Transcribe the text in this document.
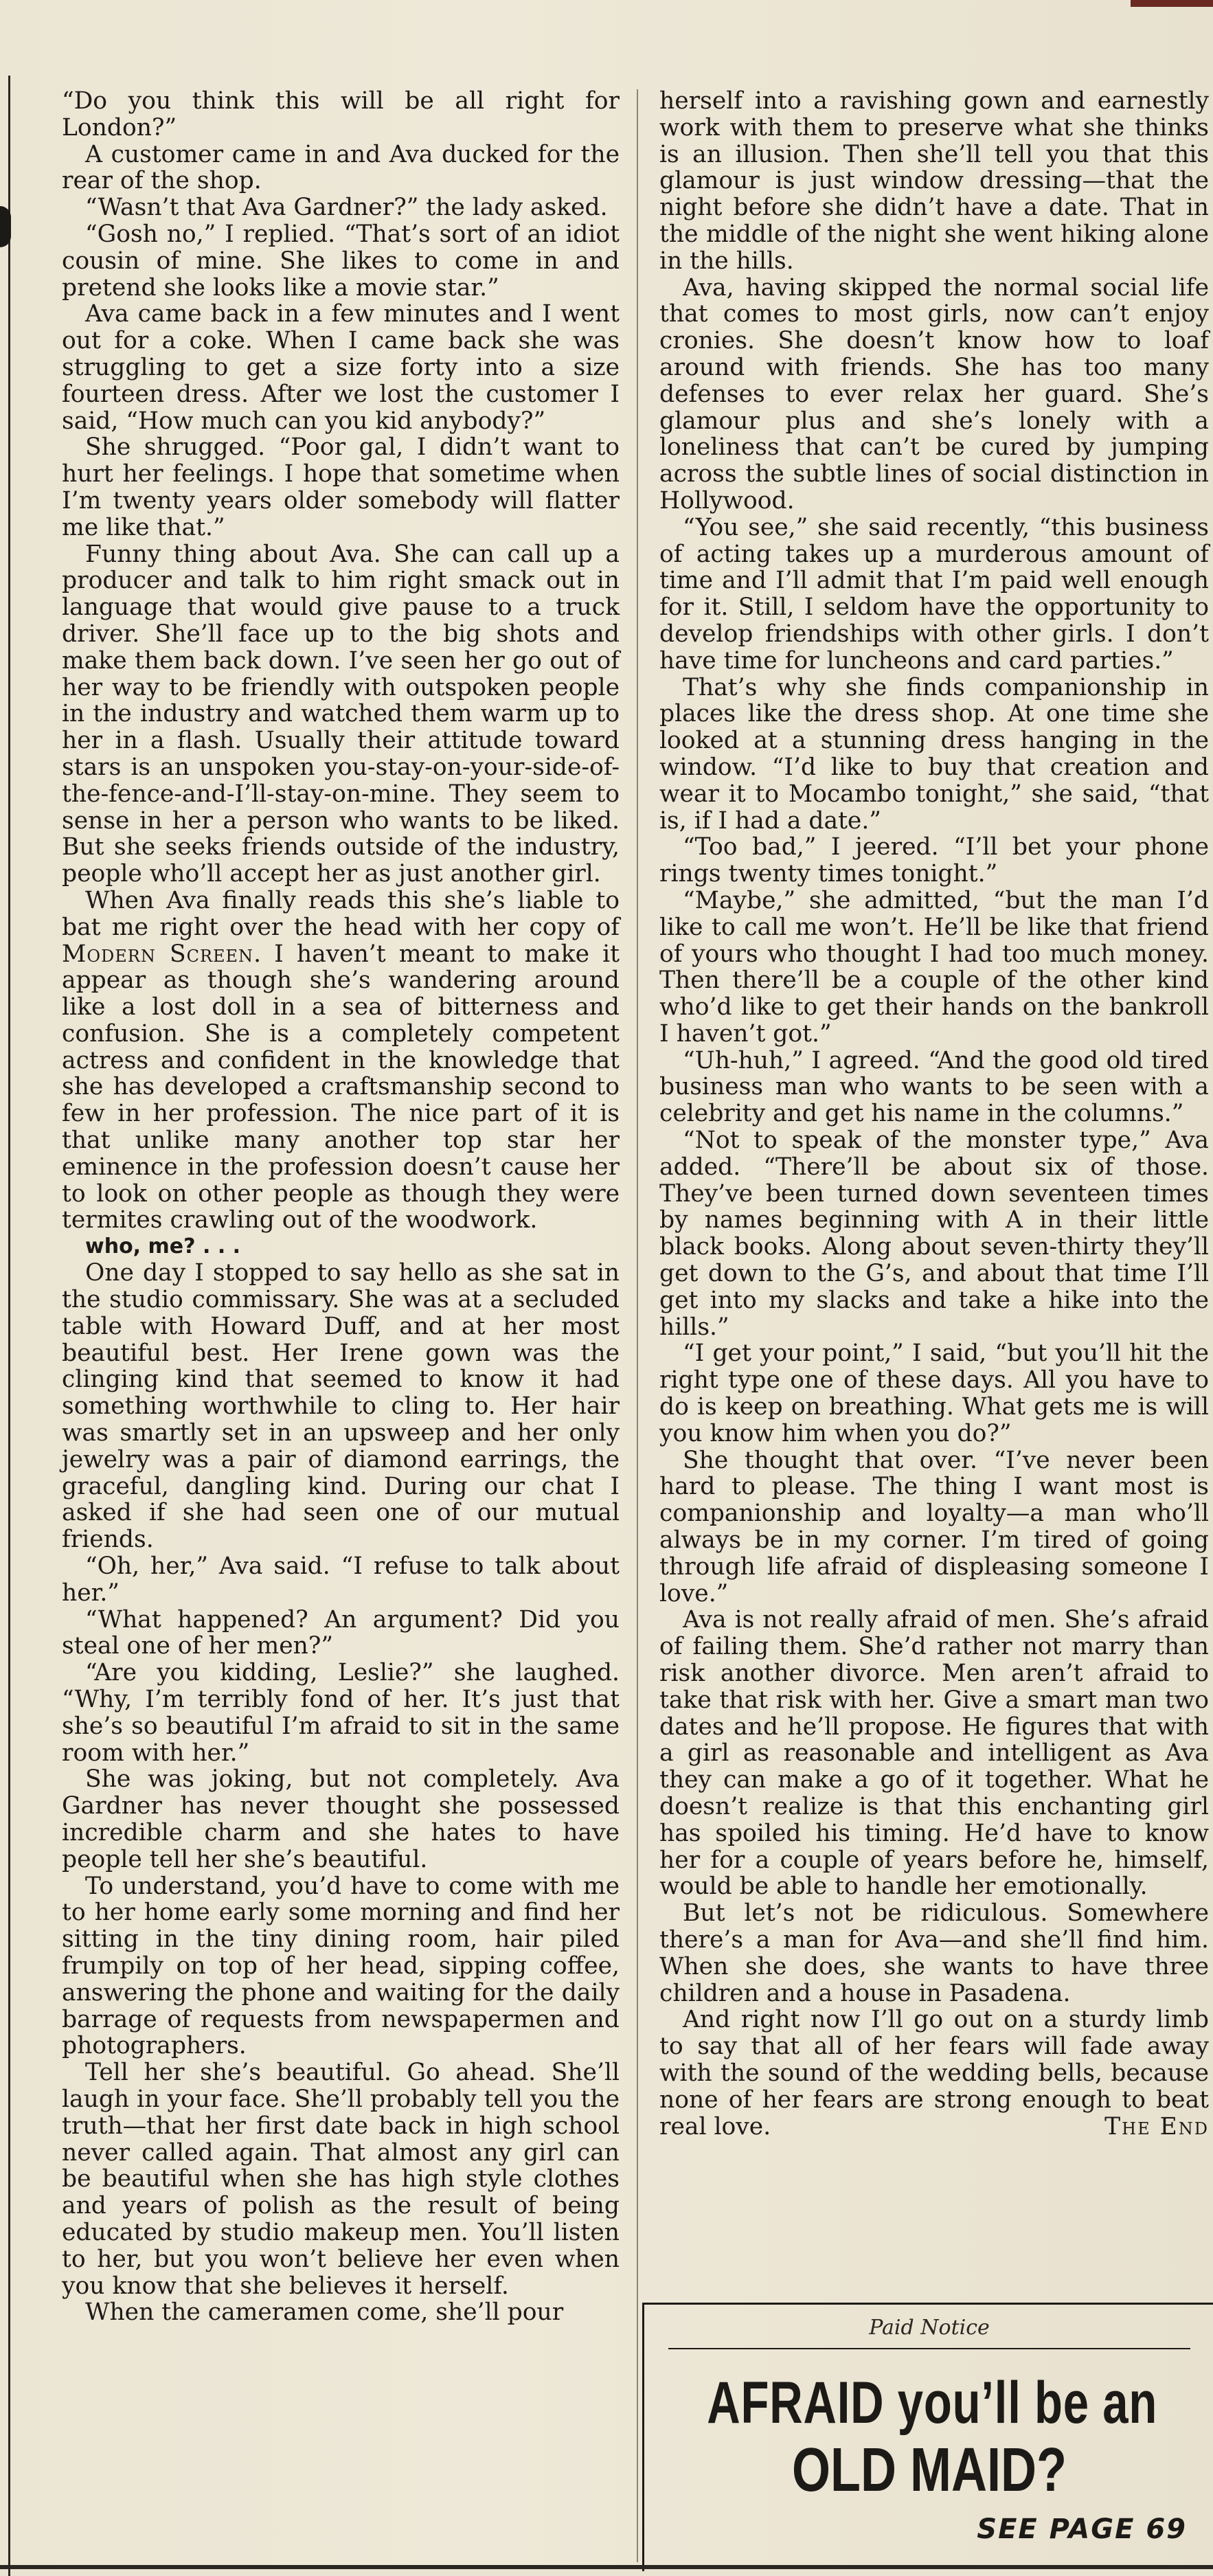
“Do you think this will be all right for London?”

A customer came in and Ava ducked for the rear of the shop.

“Wasn’t that Ava Gardner?” the lady asked.

“Gosh no,” I replied. “That’s sort of an idiot cousin of mine. She likes to come in and pretend she looks like a movie star.”

Ava came back in a few minutes and I went out for a coke. When I came back she was struggling to get a size forty into a size fourteen dress. After we lost the customer I said, “How much can you kid anybody?”

She shrugged. “Poor gal, I didn’t want to hurt her feelings. I hope that sometime when I’m twenty years older somebody will flatter me like that.”

Funny thing about Ava. She can call up a producer and talk to him right smack out in language that would give pause to a truck driver. She’ll face up to the big shots and make them back down. I’ve seen her go out of her way to be friendly with outspoken people in the industry and watched them warm up to her in a flash. Usually their attitude toward stars is an unspoken you-stay-on-your-side-of-the-fence-and-I’ll-stay-on-mine. They seem to sense in her a person who wants to be liked. But she seeks friends outside of the industry, people who’ll accept her as just another girl.

When Ava finally reads this she’s liable to bat me right over the head with her copy of Modern Screen. I haven’t meant to make it appear as though she’s wandering around like a lost doll in a sea of bitterness and confusion. She is a completely competent actress and confident in the knowledge that she has developed a craftsmanship second to few in her profession. The nice part of it is that unlike many another top star her eminence in the profession doesn’t cause her to look on other people as though they were termites crawling out of the woodwork.

who, me? . . .

One day I stopped to say hello as she sat in the studio commissary. She was at a secluded table with Howard Duff, and at her most beautiful best. Her Irene gown was the clinging kind that seemed to know it had something worthwhile to cling to. Her hair was smartly set in an upsweep and her only jewelry was a pair of diamond earrings, the graceful, dangling kind. During our chat I asked if she had seen one of our mutual friends.

“Oh, her,” Ava said. “I refuse to talk about her.”

“What happened? An argument? Did you steal one of her men?”

“Are you kidding, Leslie?” she laughed. “Why, I’m terribly fond of her. It’s just that she’s so beautiful I’m afraid to sit in the same room with her.”

She was joking, but not completely. Ava Gardner has never thought she possessed incredible charm and she hates to have people tell her she’s beautiful.

To understand, you’d have to come with me to her home early some morning and find her sitting in the tiny dining room, hair piled frumpily on top of her head, sipping coffee, answering the phone and waiting for the daily barrage of requests from newspapermen and photographers.

Tell her she’s beautiful. Go ahead. She’ll laugh in your face. She’ll probably tell you the truth—that her first date back in high school never called again. That almost any girl can be beautiful when she has high style clothes and years of polish as the result of being educated by studio makeup men. You’ll listen to her, but you won’t believe her even when you know that she believes it herself.

When the cameramen come, she’ll pour

herself into a ravishing gown and earnestly work with them to preserve what she thinks is an illusion. Then she’ll tell you that this glamour is just window dressing—that the night before she didn’t have a date. That in the middle of the night she went hiking alone in the hills.

Ava, having skipped the normal social life that comes to most girls, now can’t enjoy cronies. She doesn’t know how to loaf around with friends. She has too many defenses to ever relax her guard. She’s glamour plus and she’s lonely with a loneliness that can’t be cured by jumping across the subtle lines of social distinction in Hollywood.

“You see,” she said recently, “this business of acting takes up a murderous amount of time and I’ll admit that I’m paid well enough for it. Still, I seldom have the opportunity to develop friendships with other girls. I don’t have time for luncheons and card parties.”

That’s why she finds companionship in places like the dress shop. At one time she looked at a stunning dress hanging in the window. “I’d like to buy that creation and wear it to Mocambo tonight,” she said, “that is, if I had a date.”

“Too bad,” I jeered. “I’ll bet your phone rings twenty times tonight.”

“Maybe,” she admitted, “but the man I’d like to call me won’t. He’ll be like that friend of yours who thought I had too much money. Then there’ll be a couple of the other kind who’d like to get their hands on the bankroll I haven’t got.”

“Uh-huh,” I agreed. “And the good old tired business man who wants to be seen with a celebrity and get his name in the columns.”

“Not to speak of the monster type,” Ava added. “There’ll be about six of those. They’ve been turned down seventeen times by names beginning with A in their little black books. Along about seven-thirty they’ll get down to the G’s, and about that time I’ll get into my slacks and take a hike into the hills.”

“I get your point,” I said, “but you’ll hit the right type one of these days. All you have to do is keep on breathing. What gets me is will you know him when you do?”

She thought that over. “I’ve never been hard to please. The thing I want most is companionship and loyalty—a man who’ll always be in my corner. I’m tired of going through life afraid of displeasing someone I love.”

Ava is not really afraid of men. She’s afraid of failing them. She’d rather not marry than risk another divorce. Men aren’t afraid to take that risk with her. Give a smart man two dates and he’ll propose. He figures that with a girl as reasonable and intelligent as Ava they can make a go of it together. What he doesn’t realize is that this enchanting girl has spoiled his timing. He’d have to know her for a couple of years before he, himself, would be able to handle her emotionally.

But let’s not be ridiculous. Somewhere there’s a man for Ava—and she’ll find him. When she does, she wants to have three children and a house in Pasadena.

And right now I’ll go out on a sturdy limb to say that all of her fears will fade away with the sound of the wedding bells, because none of her fears are strong enough to beat real love.	The End

Paid Notice
AFRAID you’ll be an
OLD MAID?
SEE PAGE 69
